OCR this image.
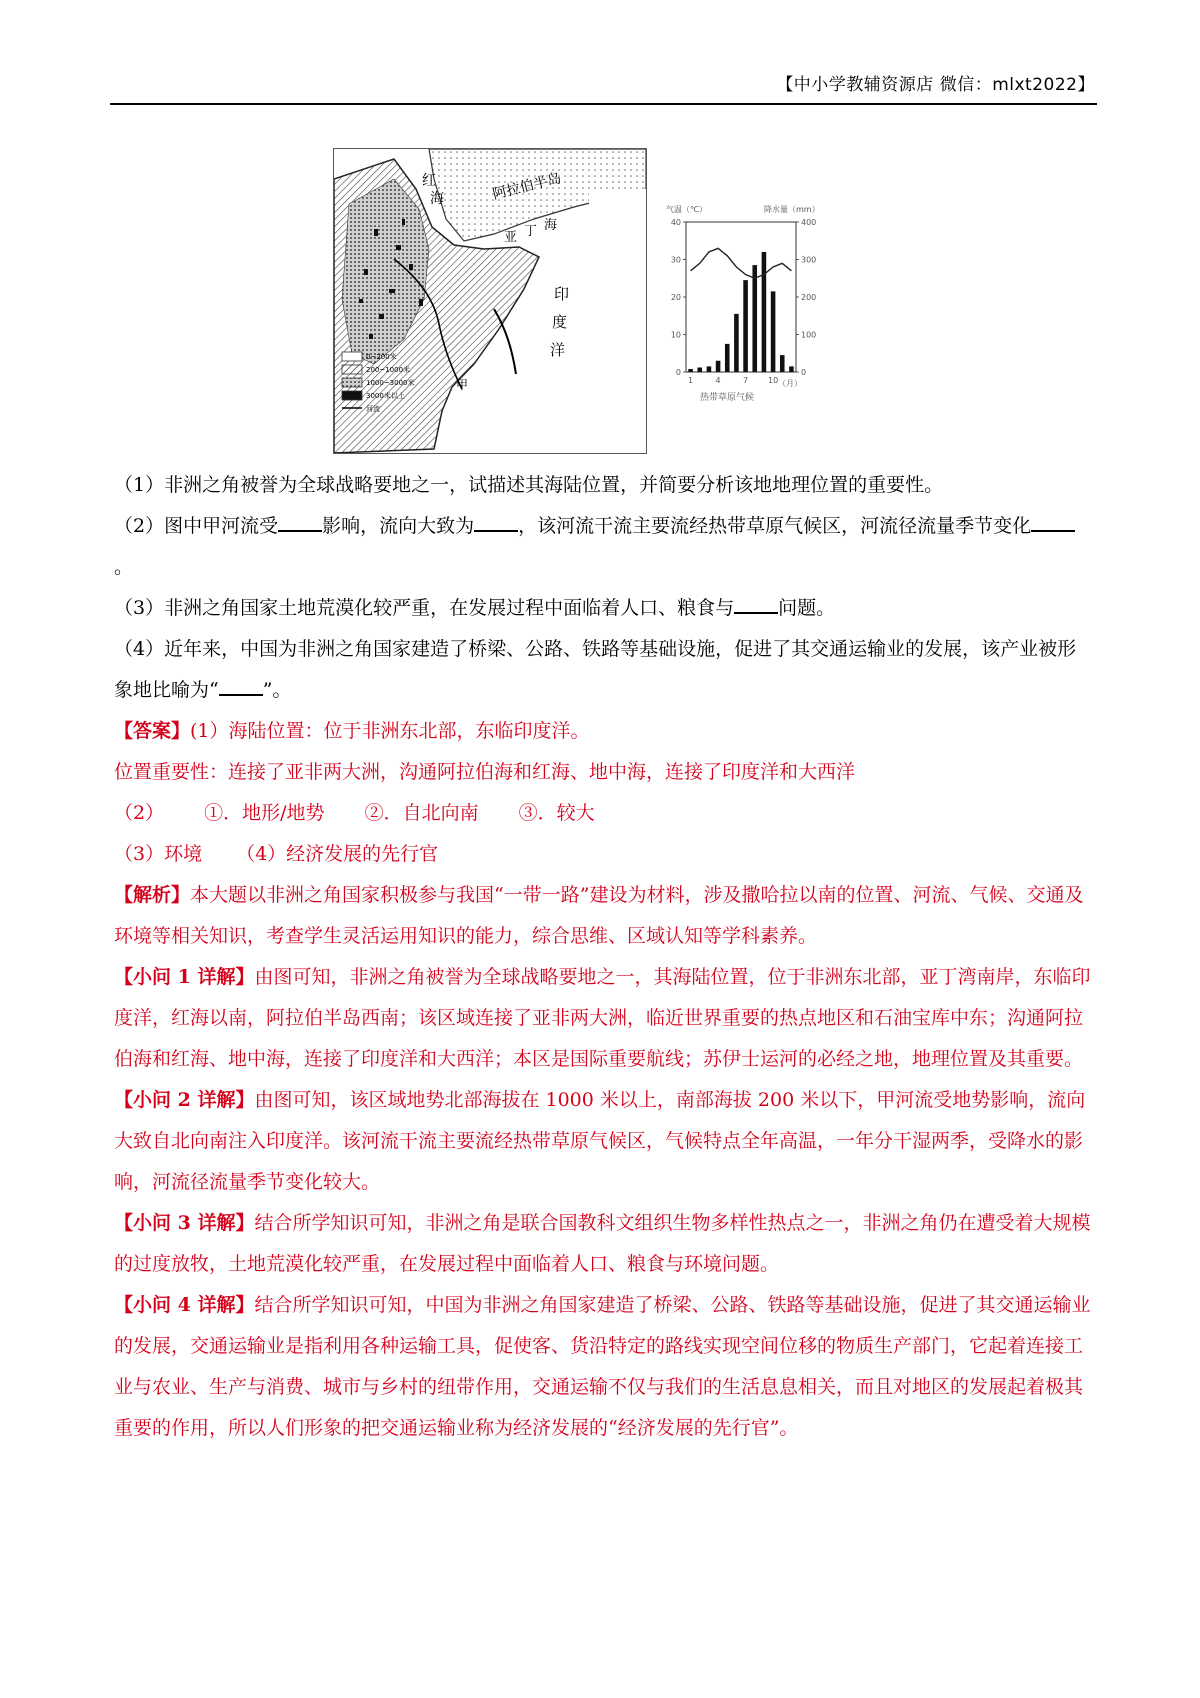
【中小学教辅资源店 微信：mlxt2022】
红
海	阿拉伯半岛
亚 丁 海
印
度
洋
甲
0~200米
200~1000米
1000~3000米
3000米以上
河流
气温（℃）	降水量（mm）
40
30
20
10
0
400
300
200
100
0
1	4	7 10 （月）
热带草原气候

（1）非洲之角被誉为全球战略要地之一，试描述其海陆位置，并简要分析该地地理位置的重要性。

（2）图中甲河流受 影响，流向大致为 ，该河流干流主要流经热带草原气候区，河流径流量季节变化。

（3）非洲之角国家土地荒漠化较严重，在发展过程中面临着人口、粮食与 问题。

（4）近年来，中国为非洲之角国家建造了桥梁、公路、铁路等基础设施，促进了其交通运输业的发展，该产业被形象地比喻为“ ”。

【答案】(1）海陆位置：位于非洲东北部，东临印度洋。

位置重要性：连接了亚非两大洲，沟通阿拉伯海和红海、地中海，连接了印度洋和大西洋

（2） ①．地形/地势 ②．自北向南 ③．较大

（3）环境 （4）经济发展的先行官

【解析】本大题以非洲之角国家积极参与我国“一带一路”建设为材料，涉及撒哈拉以南的位置、河流、气候、交通及环境等相关知识，考查学生灵活运用知识的能力，综合思维、区域认知等学科素养。

【小问 1 详解】由图可知，非洲之角被誉为全球战略要地之一，其海陆位置，位于非洲东北部，亚丁湾南岸，东临印度洋，红海以南，阿拉伯半岛西南；该区域连接了亚非两大洲，临近世界重要的热点地区和石油宝库中东；沟通阿拉伯海和红海、地中海，连接了印度洋和大西洋；本区是国际重要航线；苏伊士运河的必经之地，地理位置及其重要。

【小问 2 详解】由图可知，该区域地势北部海拔在 1000 米以上，南部海拔 200 米以下，甲河流受地势影响，流向大致自北向南注入印度洋。该河流干流主要流经热带草原气候区，气候特点全年高温，一年分干湿两季，受降水的影响，河流径流量季节变化较大。

【小问 3 详解】结合所学知识可知，非洲之角是联合国教科文组织生物多样性热点之一，非洲之角仍在遭受着大规模的过度放牧，土地荒漠化较严重，在发展过程中面临着人口、粮食与环境问题。

【小问 4 详解】结合所学知识可知，中国为非洲之角国家建造了桥梁、公路、铁路等基础设施，促进了其交通运输业的发展，交通运输业是指利用各种运输工具，促使客、货沿特定的路线实现空间位移的物质生产部门，它起着连接工业与农业、生产与消费、城市与乡村的纽带作用，交通运输不仅与我们的生活息息相关，而且对地区的发展起着极其重要的作用，所以人们形象的把交通运输业称为经济发展的“经济发展的先行官”。
